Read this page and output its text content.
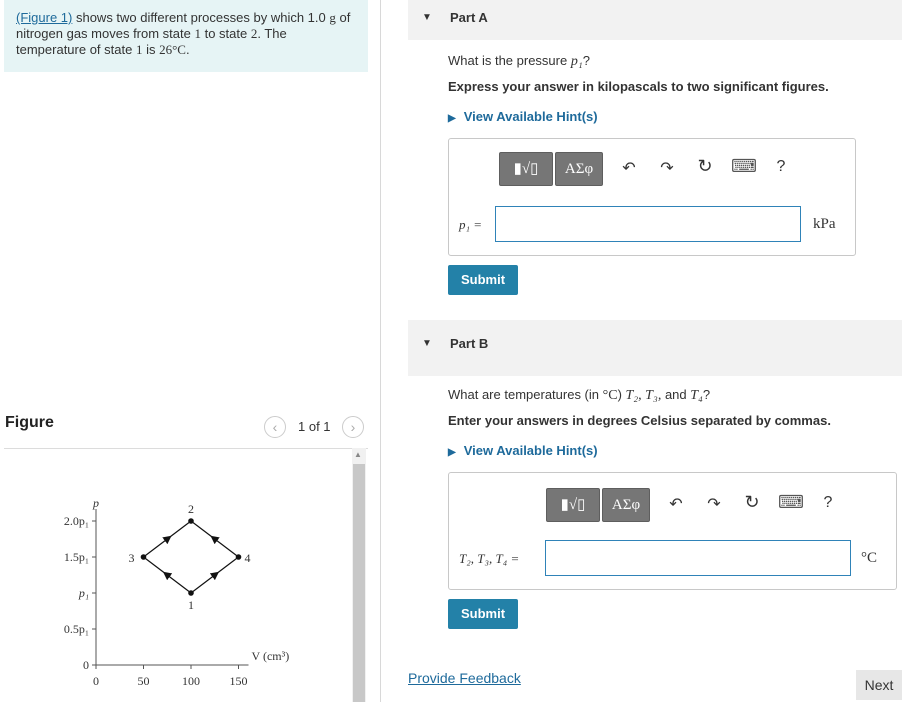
(Figure 1) shows two different processes by which 1.0 g of nitrogen gas moves from state 1 to state 2. The temperature of state 1 is 26°C.
Figure	‹	1 of 1	›
0	50	100 150
0
0.5p₁
p₁
1.5p₁
2.0p₁
p
V (cm³)
1
2
3	4
▲
▼ Part A
What is the pressure p₁?
Express your answer in kilopascals to two significant figures.
▶ View Available Hint(s)
▮√▯	ΑΣφ	↶	↷ ↻ ⌨	?
p₁ =	kPa
Submit
▼ Part B
What are temperatures (in °C) T₂, T₃, and T₄?
Enter your answers in degrees Celsius separated by commas.
▶ View Available Hint(s)
▮√▯	ΑΣφ	↶	↷ ↻ ⌨	?
T₂, T₃, T₄ =	°C
Submit
Provide Feedback	Next
